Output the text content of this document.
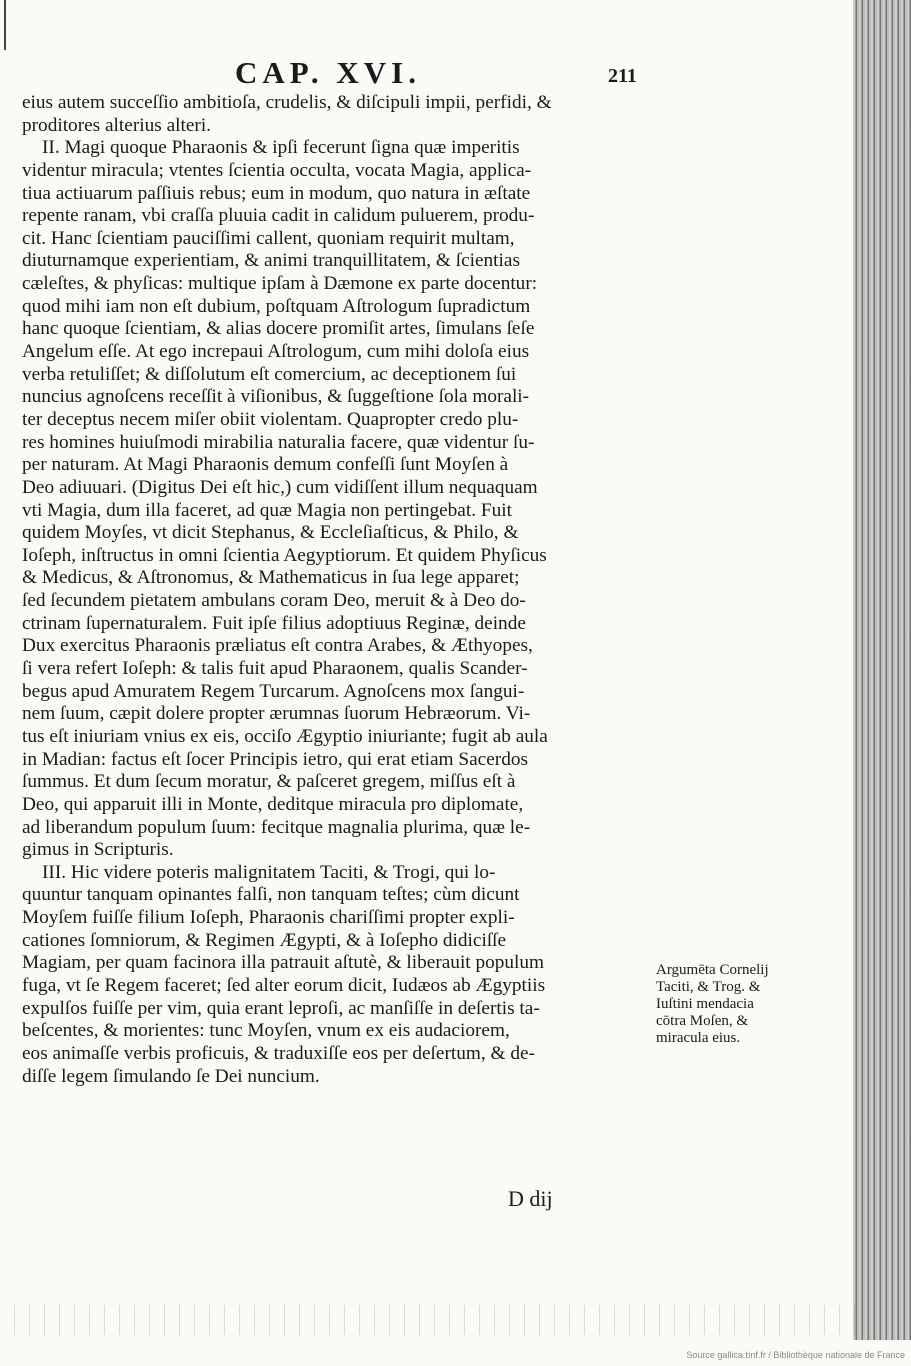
CAP. XVI.	211
eius autem succeſſio ambitioſa, crudelis, & diſcipuli impii, perfidi, &
proditores alterius alteri.
II. Magi quoque Pharaonis & ipſi fecerunt ſigna quæ imperitis
videntur miracula; vtentes ſcientia occulta, vocata Magia, applica-
tiua actiuarum paſſiuis rebus; eum in modum, quo natura in æſtate
repente ranam, vbi craſſa pluuia cadit in calidum puluerem, produ-
cit. Hanc ſcientiam pauciſſimi callent, quoniam requirit multam,
diuturnamque experientiam, & animi tranquillitatem, & ſcientias
cæleſtes, & phyſicas: multique ipſam à Dæmone ex parte docentur:
quod mihi iam non eſt dubium, poſtquam Aſtrologum ſupradictum
hanc quoque ſcientiam, & alias docere promiſit artes, ſimulans ſeſe
Angelum eſſe. At ego increpaui Aſtrologum, cum mihi doloſa eius
verba retuliſſet; & diſſolutum eſt comercium, ac deceptionem ſui
nuncius agnoſcens receſſit à viſionibus, & ſuggeſtione ſola morali-
ter deceptus necem miſer obiit violentam. Quapropter credo plu-
res homines huiuſmodi mirabilia naturalia facere, quæ videntur ſu-
per naturam. At Magi Pharaonis demum confeſſi ſunt Moyſen à
Deo adiuuari. (Digitus Dei eſt hic,) cum vidiſſent illum nequaquam
vti Magia, dum illa faceret, ad quæ Magia non pertingebat. Fuit
quidem Moyſes, vt dicit Stephanus, & Eccleſiaſticus, & Philo, &
Ioſeph, inſtructus in omni ſcientia Aegyptiorum. Et quidem Phyſicus
& Medicus, & Aſtronomus, & Mathematicus in ſua lege apparet;
ſed ſecundem pietatem ambulans coram Deo, meruit & à Deo do-
ctrinam ſupernaturalem. Fuit ipſe filius adoptiuus Reginæ, deinde
Dux exercitus Pharaonis præliatus eſt contra Arabes, & Æthyopes,
ſi vera refert Ioſeph: & talis fuit apud Pharaonem, qualis Scander-
begus apud Amuratem Regem Turcarum. Agnoſcens mox ſangui-
nem ſuum, cæpit dolere propter ærumnas ſuorum Hebræorum. Vi-
tus eſt iniuriam vnius ex eis, occiſo Ægyptio iniuriante; fugit ab aula
in Madian: factus eſt ſocer Principis ietro, qui erat etiam Sacerdos
ſummus. Et dum ſecum moratur, & paſceret gregem, miſſus eſt à
Deo, qui apparuit illi in Monte, deditque miracula pro diplomate,
ad liberandum populum ſuum: fecitque magnalia plurima, quæ le-
gimus in Scripturis.
III. Hic videre poteris malignitatem Taciti, & Trogi, qui lo-
quuntur tanquam opinantes falſi, non tanquam teſtes; cùm dicunt
Moyſem fuiſſe filium Ioſeph, Pharaonis chariſſimi propter expli-
cationes ſomniorum, & Regimen Ægypti, & à Ioſepho didiciſſe
Magiam, per quam facinora illa patrauit aſtutè, & liberauit populum
fuga, vt ſe Regem faceret; ſed alter eorum dicit, Iudæos ab Ægyptiis
expulſos fuiſſe per vim, quia erant leproſi, ac manſiſſe in deſertis ta-
beſcentes, & morientes: tunc Moyſen, vnum ex eis audaciorem,
eos animaſſe verbis proficuis, & traduxiſſe eos per deſertum, & de-
diſſe legem ſimulando ſe Dei nuncium.
Argumēta Cornelij
Taciti, & Trog. &
Iuſtini mendacia
cōtra Moſen, &
miracula eius.
D dij
Source gallica.bnf.fr / Bibliothèque nationale de France
